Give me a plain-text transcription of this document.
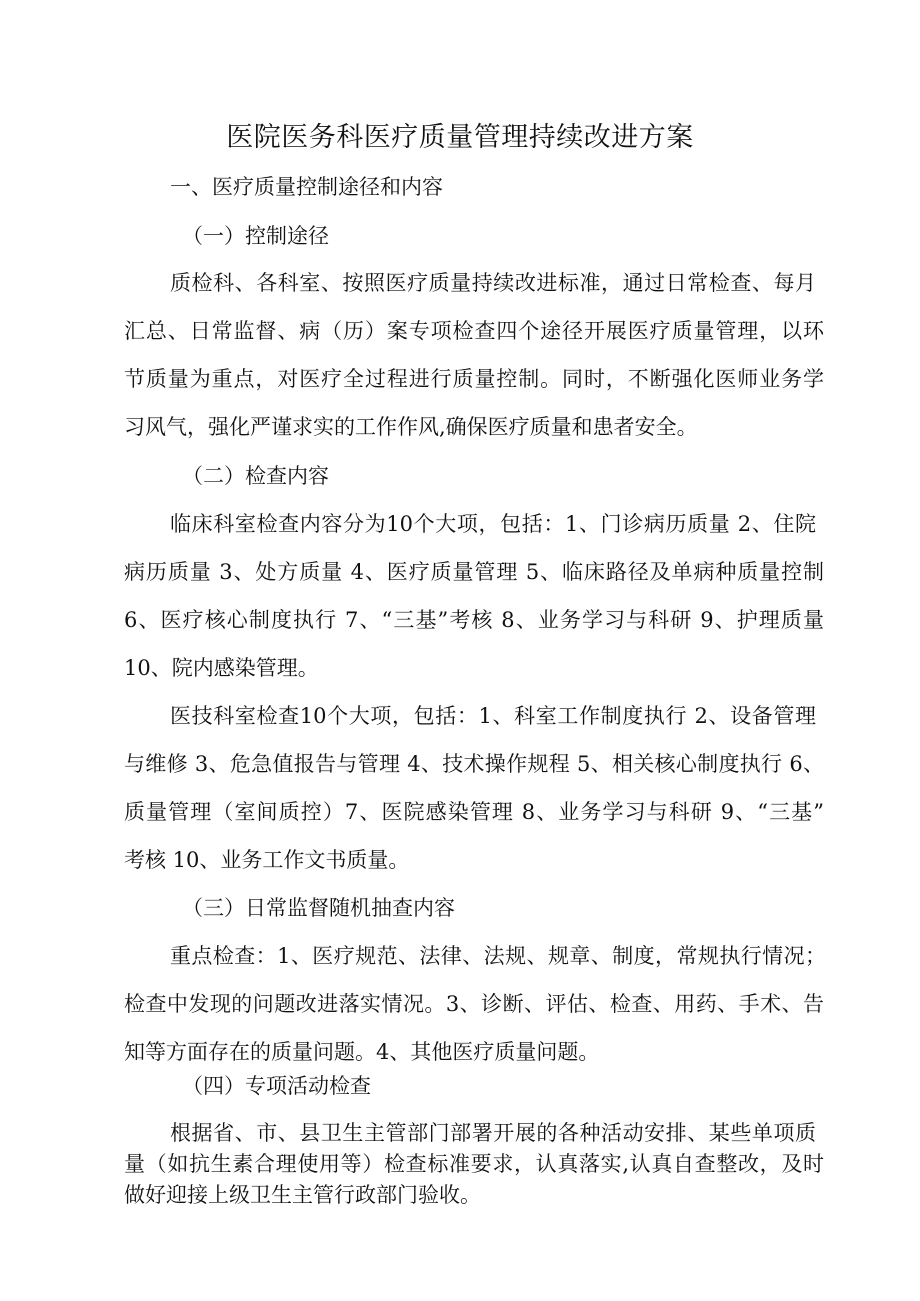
医院医务科医疗质量管理持续改进方案
一、医疗质量控制途径和内容
（一）控制途径
质检科、各科室、按照医疗质量持续改进标准，通过日常检查、每月
汇总、日常监督、病（历）案专项检查四个途径开展医疗质量管理，以环
节质量为重点，对医疗全过程进行质量控制。同时，不断强化医师业务学
习风气，强化严谨求实的工作作风,确保医疗质量和患者安全。
（二）检查内容
临床科室检查内容分为10个大项，包括：1、门诊病历质量 2、住院
病历质量 3、处方质量 4、医疗质量管理 5、临床路径及单病种质量控制
6、医疗核心制度执行 7、“三基”考核 8、业务学习与科研 9、护理质量
10、院内感染管理。
医技科室检查10个大项，包括：1、科室工作制度执行 2、设备管理
与维修 3、危急值报告与管理 4、技术操作规程 5、相关核心制度执行 6、
质量管理（室间质控）7、医院感染管理 8、业务学习与科研 9、“三基”
考核 10、业务工作文书质量。
（三）日常监督随机抽查内容
重点检查：1、医疗规范、法律、法规、规章、制度，常规执行情况；
检查中发现的问题改进落实情况。3、诊断、评估、检查、用药、手术、告
知等方面存在的质量问题。4、其他医疗质量问题。
（四）专项活动检查
根据省、市、县卫生主管部门部署开展的各种活动安排、某些单项质
量（如抗生素合理使用等）检查标准要求，认真落实,认真自查整改，及时
做好迎接上级卫生主管行政部门验收。
